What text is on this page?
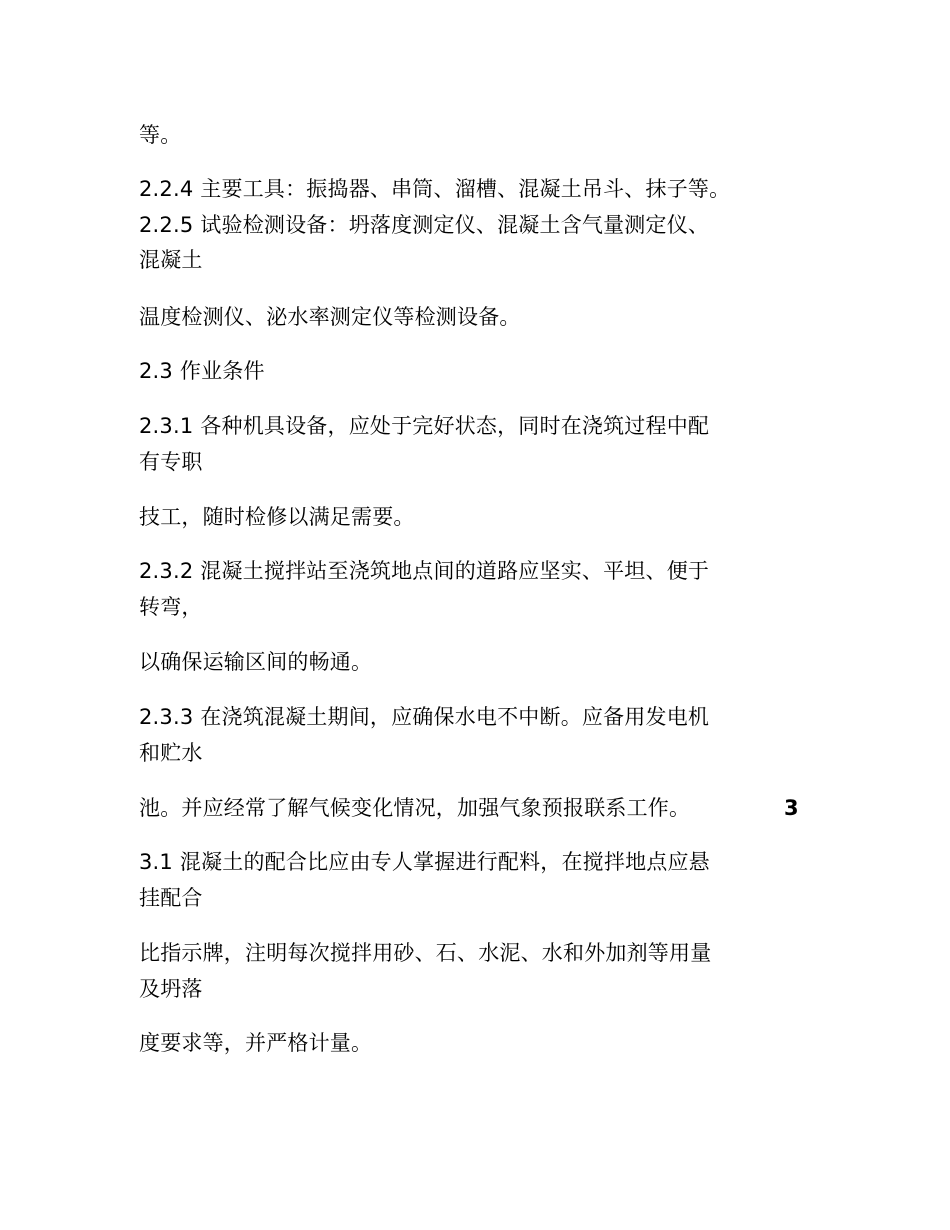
等。
2.2.4 主要工具：振捣器、串筒、溜槽、混凝土吊斗、抹子等。
2.2.5 试验检测设备：坍落度测定仪、混凝土含气量测定仪、
混凝土
温度检测仪、泌水率测定仪等检测设备。
2.3 作业条件
2.3.1 各种机具设备，应处于完好状态，同时在浇筑过程中配
有专职
技工，随时检修以满足需要。
2.3.2 混凝土搅拌站至浇筑地点间的道路应坚实、平坦、便于
转弯，
以确保运输区间的畅通。
2.3.3 在浇筑混凝土期间，应确保水电不中断。应备用发电机
和贮水
池。并应经常了解气候变化情况，加强气象预报联系工作。	3
3.1 混凝土的配合比应由专人掌握进行配料，在搅拌地点应悬
挂配合
比指示牌，注明每次搅拌用砂、石、水泥、水和外加剂等用量
及坍落
度要求等，并严格计量。
